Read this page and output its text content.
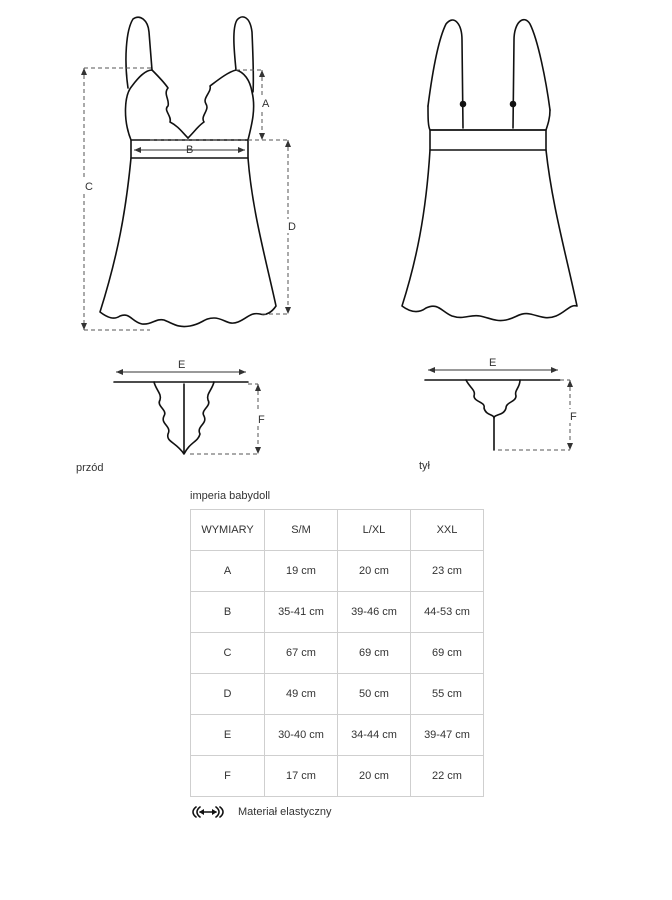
A
B
C
D
E	E
F	F
przód	tył
imperia babydoll
WYMIARY	S/M	L/XL	XXL
A	19 cm	20 cm	23 cm
B	35-41 cm	39-46 cm	44-53 cm
C	67 cm	69 cm	69 cm
D	49 cm	50 cm	55 cm
E	30-40 cm	34-44 cm	39-47 cm
F	17 cm	20 cm	22 cm
Materiał elastyczny
